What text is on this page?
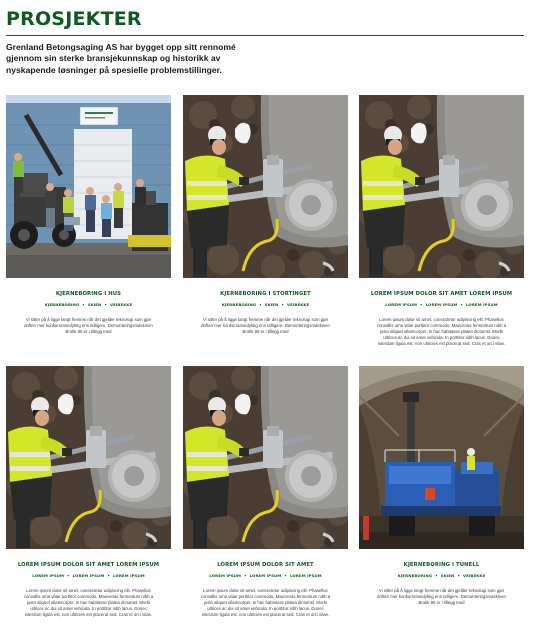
PROSJEKTER

Grenland Betongsaging AS har bygget opp sitt rennomé gjennom sin sterke bransjekunnskap og historikk av nyskapende løsninger på spesielle problemstillinger.

KJERNEBORING I HUS
KJERNEBORING • SKIEN • VEIBEKKE

Vi sitter på å ligge langt fremme når det gjelder teknologi som gjør driften mer konkurransedyktig enn tidligere. Demonteringsmaskinen Brokk 90 er i tillegg med

KJERNEBORING I STORTINGET
KJERNEBORING • SKIEN • VEIBEKKE

Vi sitter på å ligge langt fremme når det gjelder teknologi som gjør driften mer konkurransedyktig enn tidligere. Demonteringsmaskinen Brokk 90 er i tillegg med

LOREM IPSUM DOLOR SIT AMET LOREM IPSUM
LOREM IPSUM • LOREM IPSUM • LOREM IPSUM

Lorem ipsum dolor sit amet, consectetur adipiscing elit. Phasellus convallis urna vitae porttitor commodo. Maecenas fermentum nibh a justo aliquet ullamcorper. In hac habitasse platea dictumst. Morbi ultrices ac dui sit amet vehicula. In porttitor nibh lacus. Donec interdum ligula est, non ultricies est placerat sed. Cras et orci vitae.

LOREM IPSUM DOLOR SIT AMET LOREM IPSUM
LOREM IPSUM • LOREM IPSUM • LOREM IPSUM

Lorem ipsum dolor sit amet, consectetur adipiscing elit. Phasellus convallis urna vitae porttitor commodo. Maecenas fermentum nibh a justo aliquet ullamcorper. In hac habitasse platea dictumst. Morbi ultrices ac dui sit amet vehicula. In porttitor nibh lacus. Donec interdum ligula est, non ultricies est placerat sed. Cras et orci vitae.

LOREM IPSUM DOLOR SIT AMET
LOREM IPSUM • LOREM IPSUM • LOREM IPSUM

Lorem ipsum dolor sit amet, consectetur adipiscing elit. Phasellus convallis urna vitae porttitor commodo. Maecenas fermentum nibh a justo aliquet ullamcorper. In hac habitasse platea dictumst. Morbi ultrices ac dui sit amet vehicula. In porttitor nibh lacus. Donec interdum ligula est, non ultricies est placerat sed. Cras et orci vitae.

KJERNEBORING I TUNELL
KJERNEBORING • SKIEN • VEIBEKKE

Vi sitter på å ligge langt fremme når det gjelder teknologi som gjør driften mer konkurransedyktig enn tidligere. Demonteringsmaskinen Brokk 90 er i tillegg med
